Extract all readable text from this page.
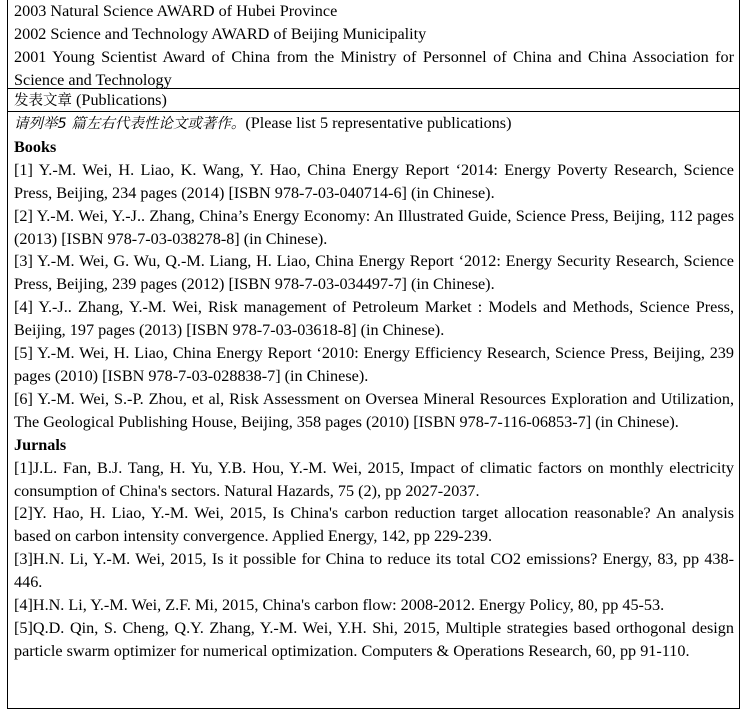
2003 Natural Science AWARD of Hubei Province
2002 Science and Technology AWARD of Beijing Municipality
2001 Young Scientist Award of China from the Ministry of Personnel of China and China Association for Science and Technology
发表文章 (Publications)
请列举5 篇左右代表性论文或著作。(Please list 5 representative publications)
Books
[1] Y.-M. Wei, H. Liao, K. Wang, Y. Hao, China Energy Report ‘2014: Energy Poverty Research, Science Press, Beijing, 234 pages (2014) [ISBN 978-7-03-040714-6] (in Chinese).
[2] Y.-M. Wei, Y.-J.. Zhang, China’s Energy Economy: An Illustrated Guide, Science Press, Beijing, 112 pages (2013) [ISBN 978-7-03-038278-8] (in Chinese).
[3] Y.-M. Wei, G. Wu, Q.-M. Liang, H. Liao, China Energy Report ‘2012: Energy Security Research, Science Press, Beijing, 239 pages (2012) [ISBN 978-7-03-034497-7] (in Chinese).
[4] Y.-J.. Zhang, Y.-M. Wei, Risk management of Petroleum Market : Models and Methods, Science Press, Beijing, 197 pages (2013) [ISBN 978-7-03-03618-8] (in Chinese).
[5] Y.-M. Wei, H. Liao, China Energy Report ‘2010: Energy Efficiency Research, Science Press, Beijing, 239 pages (2010) [ISBN 978-7-03-028838-7] (in Chinese).
[6] Y.-M. Wei, S.-P. Zhou, et al, Risk Assessment on Oversea Mineral Resources Exploration and Utilization, The Geological Publishing House, Beijing, 358 pages (2010) [ISBN 978-7-116-06853-7] (in Chinese).
Jurnals
[1]J.L. Fan, B.J. Tang, H. Yu, Y.B. Hou, Y.-M. Wei, 2015, Impact of climatic factors on monthly electricity consumption of China's sectors. Natural Hazards, 75 (2), pp 2027-2037.
[2]Y. Hao, H. Liao, Y.-M. Wei, 2015, Is China's carbon reduction target allocation reasonable? An analysis based on carbon intensity convergence. Applied Energy, 142, pp 229-239.
[3]H.N. Li, Y.-M. Wei, 2015, Is it possible for China to reduce its total CO2 emissions? Energy, 83, pp 438-446.
[4]H.N. Li, Y.-M. Wei, Z.F. Mi, 2015, China's carbon flow: 2008-2012. Energy Policy, 80, pp 45-53.
[5]Q.D. Qin, S. Cheng, Q.Y. Zhang, Y.-M. Wei, Y.H. Shi, 2015, Multiple strategies based orthogonal design particle swarm optimizer for numerical optimization. Computers & Operations Research, 60, pp 91-110.
